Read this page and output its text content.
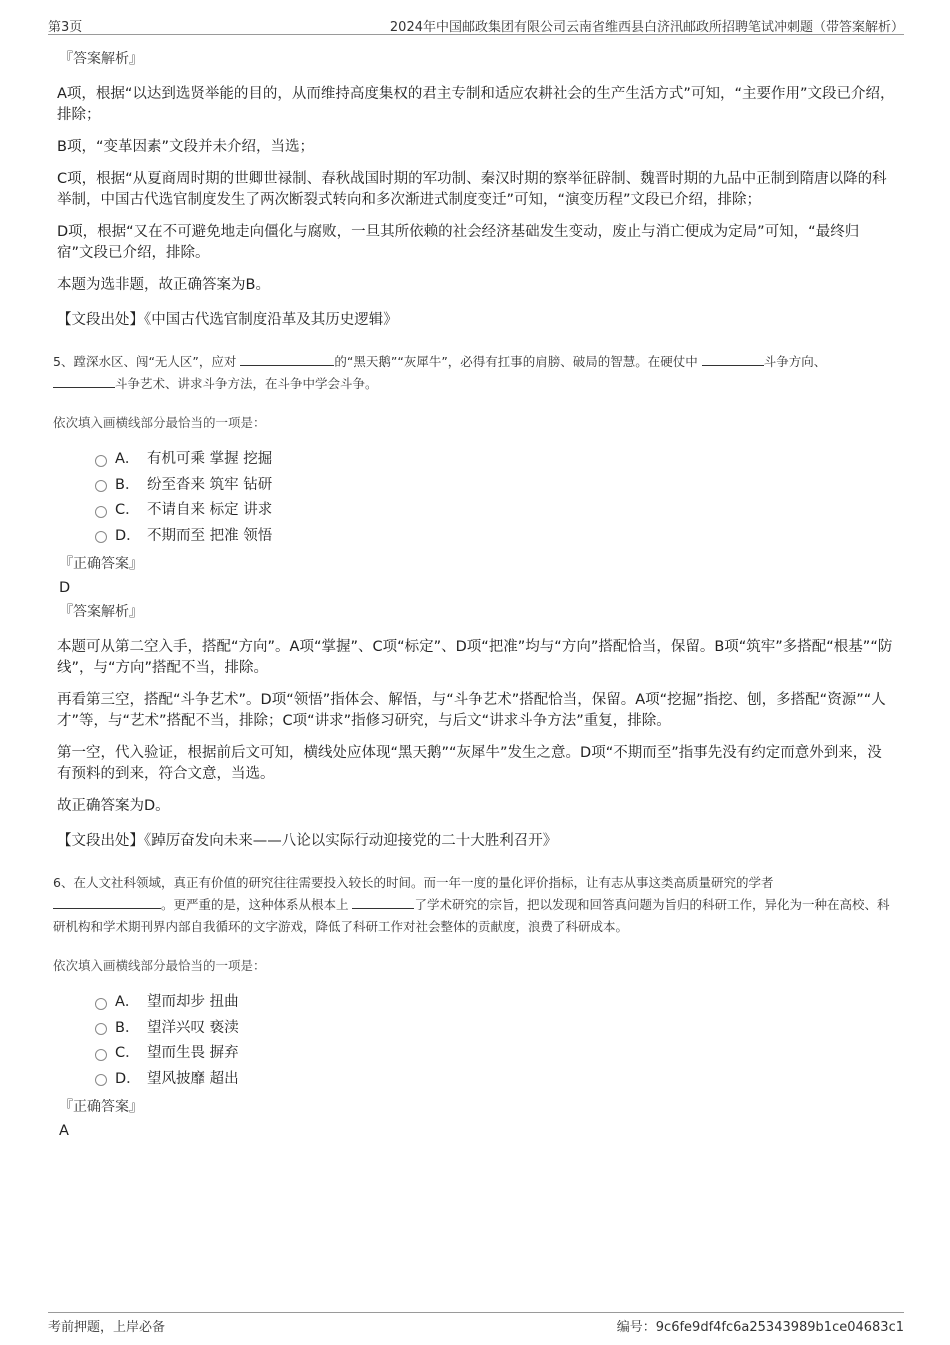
第3页	2024年中国邮政集团有限公司云南省维西县白济汛邮政所招聘笔试冲刺题（带答案解析）
『答案解析』

A项，根据“以达到选贤举能的目的，从而维持高度集权的君主专制和适应农耕社会的生产生活方式”可知，“主要作用”文段已介绍，排除；

B项，“变革因素”文段并未介绍，当选；

C项，根据“从夏商周时期的世卿世禄制、春秋战国时期的军功制、秦汉时期的察举征辟制、魏晋时期的九品中正制到隋唐以降的科举制，中国古代选官制度发生了两次断裂式转向和多次渐进式制度变迁”可知，“演变历程”文段已介绍，排除；

D项，根据“又在不可避免地走向僵化与腐败，一旦其所依赖的社会经济基础发生变动，废止与消亡便成为定局”可知，“最终归宿”文段已介绍，排除。

本题为选非题，故正确答案为B。

【文段出处】《中国古代选官制度沿革及其历史逻辑》

5、蹚深水区、闯“无人区”，应对	的“黑天鹅”“灰犀牛”，必得有扛事的肩膀、破局的智慧。在硬仗中	斗争方向、
斗争艺术、讲求斗争方法，在斗争中学会斗争。
依次填入画横线部分最恰当的一项是：
A． 有机可乘 掌握 挖掘
B． 纷至沓来 筑牢 钻研
C． 不请自来 标定 讲求
D． 不期而至 把准 领悟
『正确答案』
D
『答案解析』

本题可从第二空入手，搭配“方向”。A项“掌握”、C项“标定”、D项“把准”均与“方向”搭配恰当，保留。B项“筑牢”多搭配“根基”“防线”，与“方向”搭配不当，排除。

再看第三空，搭配“斗争艺术”。D项“领悟”指体会、解悟，与“斗争艺术”搭配恰当，保留。A项“挖掘”指挖、刨，多搭配“资源”“人才”等，与“艺术”搭配不当，排除；C项“讲求”指修习研究，与后文“讲求斗争方法”重复，排除。

第一空，代入验证，根据前后文可知，横线处应体现“黑天鹅”“灰犀牛”发生之意。D项“不期而至”指事先没有约定而意外到来，没有预料的到来，符合文意，当选。

故正确答案为D。

【文段出处】《踔厉奋发向未来——八论以实际行动迎接党的二十大胜利召开》

6、在人文社科领域，真正有价值的研究往往需要投入较长的时间。而一年一度的量化评价指标，让有志从事这类高质量研究的学者
。更严重的是，这种体系从根本上	了学术研究的宗旨，把以发现和回答真问题为旨归的科研工作，异化为一种在高校、科研机构和学术期刊界内部自我循环的文字游戏，降低了科研工作对社会整体的贡献度，浪费了科研成本。
依次填入画横线部分最恰当的一项是：
A． 望而却步 扭曲
B． 望洋兴叹 亵渎
C． 望而生畏 摒弃
D． 望风披靡 超出
『正确答案』
A
考前押题，上岸必备	编号：9c6fe9df4fc6a25343989b1ce04683c1
